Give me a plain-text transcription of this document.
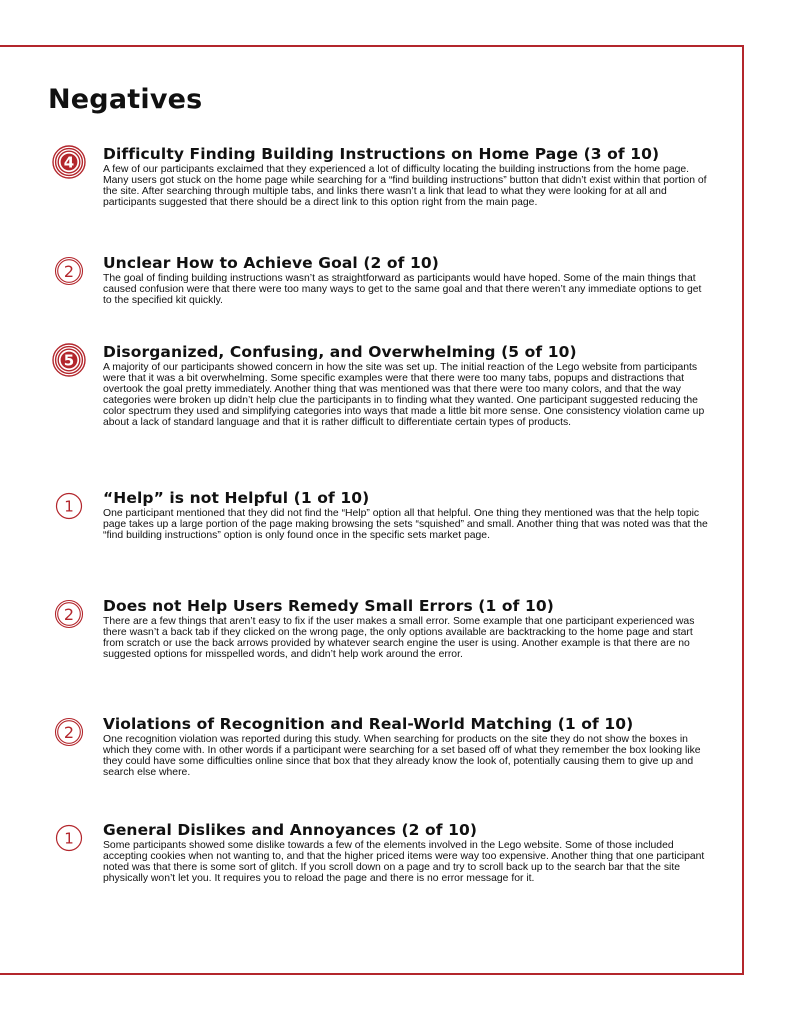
Negatives
4 Difficulty Finding Building Instructions on Home Page (3 of 10)

A few of our participants exclaimed that they experienced a lot of difficulty locating the building instructions from the home page. Many users got stuck on the home page while searching for a “find building instructions” button that didn’t exist within that portion of the site. After searching through multiple tabs, and links there wasn’t a link that lead to what they were looking for at all and participants suggested that there should be a direct link to this option right from the main page.

2 Unclear How to Achieve Goal (2 of 10)

The goal of finding building instructions wasn’t as straightforward as participants would have hoped. Some of the main things that caused confusion were that there were too many ways to get to the same goal and that there weren’t any immediate options to get to the specified kit quickly.

5 Disorganized, Confusing, and Overwhelming (5 of 10)

A majority of our participants showed concern in how the site was set up. The initial reaction of the Lego website from participants were that it was a bit overwhelming. Some specific examples were that there were too many tabs, popups and distractions that overtook the goal pretty immediately. Another thing that was mentioned was that there were too many colors, and that the way categories were broken up didn’t help clue the participants in to finding what they wanted. One participant suggested reducing the color spectrum they used and simplifying categories into ways that made a little bit more sense. One consistency violation came up about a lack of standard language and that it is rather difficult to differentiate certain types of products.

1 “Help” is not Helpful (1 of 10)

One participant mentioned that they did not find the “Help” option all that helpful. One thing they mentioned was that the help topic page takes up a large portion of the page making browsing the sets “squished” and small. Another thing that was noted was that the “find building instructions” option is only found once in the specific sets market page.

2 Does not Help Users Remedy Small Errors (1 of 10)

There are a few things that aren’t easy to fix if the user makes a small error. Some example that one participant experienced was there wasn’t a back tab if they clicked on the wrong page, the only options available are backtracking to the home page and start from scratch or use the back arrows provided by whatever search engine the user is using. Another example is that there are no suggested options for misspelled words, and didn’t help work around the error.

2 Violations of Recognition and Real-World Matching (1 of 10)

One recognition violation was reported during this study. When searching for products on the site they do not show the boxes in which they come with. In other words if a participant were searching for a set based off of what they remember the box looking like they could have some difficulties online since that box that they already know the look of, potentially causing them to give up and search else where.

1 General Dislikes and Annoyances (2 of 10)

Some participants showed some dislike towards a few of the elements involved in the Lego website. Some of those included accepting cookies when not wanting to, and that the higher priced items were way too expensive. Another thing that one participant noted was that there is some sort of glitch. If you scroll down on a page and try to scroll back up to the search bar that the site physically won’t let you. It requires you to reload the page and there is no error message for it.
